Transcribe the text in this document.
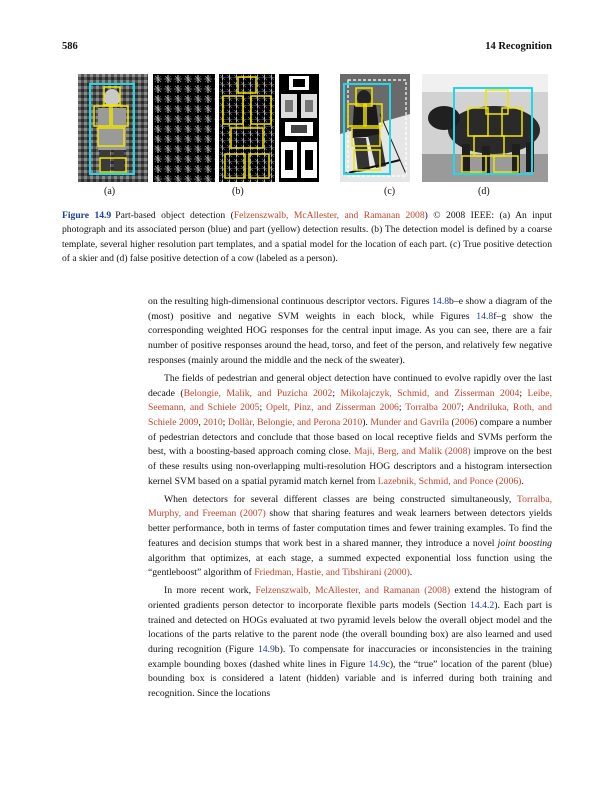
586	14 Recognition
(a)	(b)	(c)	(d)
Figure 14.9 Part-based object detection (Felzenszwalb, McAllester, and Ramanan 2008) © 2008 IEEE: (a) An input photograph and its associated person (blue) and part (yellow) detection results. (b) The detection model is defined by a coarse template, several higher resolution part templates, and a spatial model for the location of each part. (c) True positive detection of a skier and (d) false positive detection of a cow (labeled as a person).

on the resulting high-dimensional continuous descriptor vectors. Figures 14.8b–e show a diagram of the (most) positive and negative SVM weights in each block, while Figures 14.8f–g show the corresponding weighted HOG responses for the central input image. As you can see, there are a fair number of positive responses around the head, torso, and feet of the person, and relatively few negative responses (mainly around the middle and the neck of the sweater).

The fields of pedestrian and general object detection have continued to evolve rapidly over the last decade (Belongie, Malik, and Puzicha 2002; Mikolajczyk, Schmid, and Zisserman 2004; Leibe, Seemann, and Schiele 2005; Opelt, Pinz, and Zisserman 2006; Torralba 2007; Andriluka, Roth, and Schiele 2009, 2010; Dollàr, Belongie, and Perona 2010). Munder and Gavrila (2006) compare a number of pedestrian detectors and conclude that those based on local receptive fields and SVMs perform the best, with a boosting-based approach coming close. Maji, Berg, and Malik (2008) improve on the best of these results using non-overlapping multi-resolution HOG descriptors and a histogram intersection kernel SVM based on a spatial pyramid match kernel from Lazebnik, Schmid, and Ponce (2006).

When detectors for several different classes are being constructed simultaneously, Torralba, Murphy, and Freeman (2007) show that sharing features and weak learners between detectors yields better performance, both in terms of faster computation times and fewer training examples. To find the features and decision stumps that work best in a shared manner, they introduce a novel joint boosting algorithm that optimizes, at each stage, a summed expected exponential loss function using the “gentleboost” algorithm of Friedman, Hastie, and Tibshirani (2000).

In more recent work, Felzenszwalb, McAllester, and Ramanan (2008) extend the histogram of oriented gradients person detector to incorporate flexible parts models (Section 14.4.2). Each part is trained and detected on HOGs evaluated at two pyramid levels below the overall object model and the locations of the parts relative to the parent node (the overall bounding box) are also learned and used during recognition (Figure 14.9b). To compensate for inaccuracies or inconsistencies in the training example bounding boxes (dashed white lines in Figure 14.9c), the “true” location of the parent (blue) bounding box is considered a latent (hidden) variable and is inferred during both training and recognition. Since the locations
